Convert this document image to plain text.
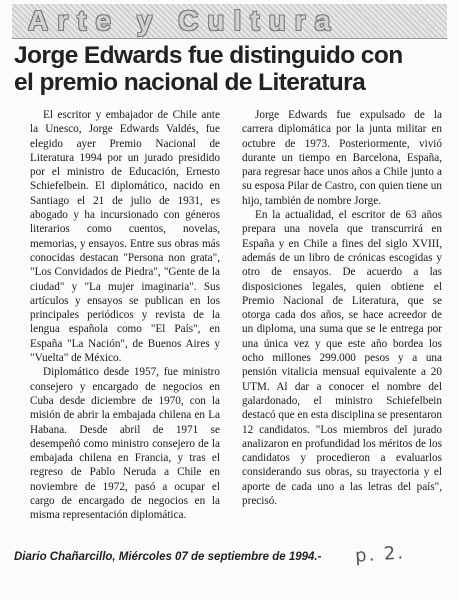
Arte y Cultura
Jorge Edwards fue distinguido con
el premio nacional de Literatura

El escritor y embajador de Chile ante la Unesco, Jorge Edwards Valdés, fue elegido ayer Premio Nacional de Literatura 1994 por un jurado presidido por el ministro de Educación, Ernesto Schiefelbein. El diplomático, nacido en Santiago el 21 de julio de 1931, es abogado y ha incursionado con géneros literarios como cuentos, novelas, memorias, y ensayos. Entre sus obras más conocidas destacan "Persona non grata", "Los Convidados de Piedra", "Gente de la ciudad" y "La mujer imaginaria". Sus artículos y ensayos se publican en los principales periódicos y revista de la lengua española como "El País", en España "La Nación", de Buenos Aires y "Vuelta" de México.

Diplomático desde 1957, fue ministro consejero y encargado de negocios en Cuba desde diciembre de 1970, con la misión de abrir la embajada chilena en La Habana. Desde abril de 1971 se desempeñó como ministro consejero de la embajada chilena en Francia, y tras el regreso de Pablo Neruda a Chile en noviembre de 1972, pasó a ocupar el cargo de encargado de negocios en la misma representación diplomática.

Jorge Edwards fue expulsado de la carrera diplomática por la junta militar en octubre de 1973. Posteriormente, vivió durante un tiempo en Barcelona, España, para regresar hace unos años a Chile junto a su esposa Pilar de Castro, con quien tiene un hijo, también de nombre Jorge.

En la actualidad, el escritor de 63 años prepara una novela que transcurrirá en España y en Chile a fines del siglo XVIII, además de un libro de crónicas escogidas y otro de ensayos. De acuerdo a las disposiciones legales, quien obtiene el Premio Nacional de Literatura, que se otorga cada dos años, se hace acreedor de un diploma, una suma que se le entrega por una única vez y que este año bordea los ocho millones 299.000 pesos y a una pensión vitalicia mensual equivalente a 20 UTM. Al dar a conocer el nombre del galardonado, el ministro Schiefelbein destacó que en esta disciplina se presentaron 12 candidatos. "Los miembros del jurado analizaron en profundidad los méritos de los candidatos y procedieron a evaluarlos considerando sus obras, su trayectoria y el aporte de cada uno a las letras del país", precisó.

Diario Chañarcillo, Miércoles 07 de septiembre de 1994.- p. 2.
